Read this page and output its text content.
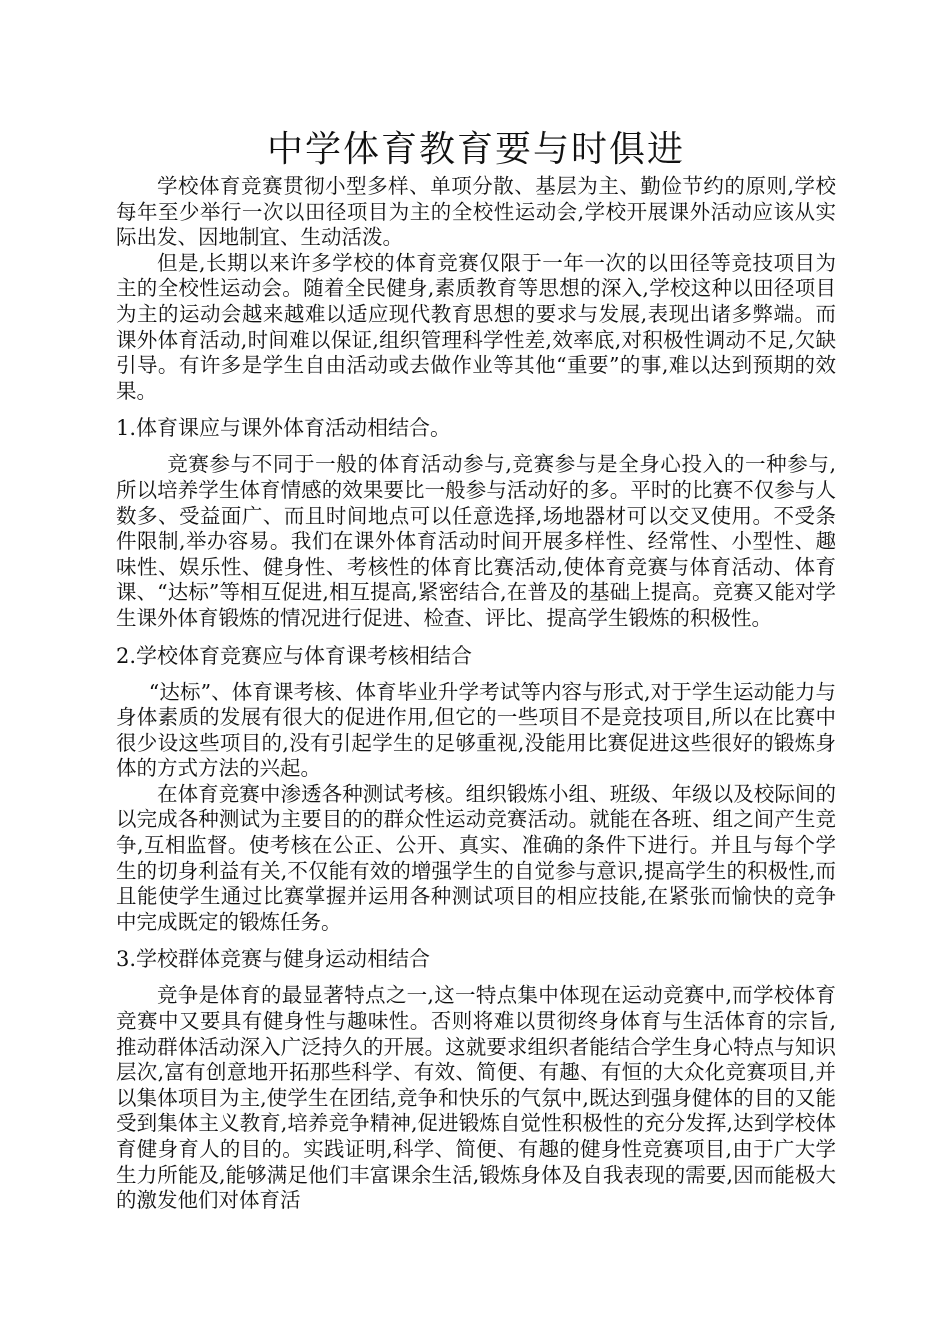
中学体育教育要与时俱进

学校体育竞赛贯彻小型多样、单项分散、基层为主、勤俭节约的原则,学校每年至少举行一次以田径项目为主的全校性运动会,学校开展课外活动应该从实际出发、因地制宜、生动活泼。

但是,长期以来许多学校的体育竞赛仅限于一年一次的以田径等竞技项目为主的全校性运动会。随着全民健身,素质教育等思想的深入,学校这种以田径项目为主的运动会越来越难以适应现代教育思想的要求与发展,表现出诸多弊端。而课外体育活动,时间难以保证,组织管理科学性差,效率底,对积极性调动不足,欠缺引导。有许多是学生自由活动或去做作业等其他“重要”的事,难以达到预期的效果。

1.体育课应与课外体育活动相结合。

竞赛参与不同于一般的体育活动参与,竞赛参与是全身心投入的一种参与,所以培养学生体育情感的效果要比一般参与活动好的多。平时的比赛不仅参与人数多、受益面广、而且时间地点可以任意选择,场地器材可以交叉使用。不受条件限制,举办容易。我们在课外体育活动时间开展多样性、经常性、小型性、趣味性、娱乐性、健身性、考核性的体育比赛活动,使体育竞赛与体育活动、体育课、“达标”等相互促进,相互提高,紧密结合,在普及的基础上提高。竞赛又能对学生课外体育锻炼的情况进行促进、检查、评比、提高学生锻炼的积极性。

2.学校体育竞赛应与体育课考核相结合

“达标”、体育课考核、体育毕业升学考试等内容与形式,对于学生运动能力与身体素质的发展有很大的促进作用,但它的一些项目不是竞技项目,所以在比赛中很少设这些项目的,没有引起学生的足够重视,没能用比赛促进这些很好的锻炼身体的方式方法的兴起。

在体育竞赛中渗透各种测试考核。组织锻炼小组、班级、年级以及校际间的以完成各种测试为主要目的的群众性运动竞赛活动。就能在各班、组之间产生竞争,互相监督。使考核在公正、公开、真实、准确的条件下进行。并且与每个学生的切身利益有关,不仅能有效的增强学生的自觉参与意识,提高学生的积极性,而且能使学生通过比赛掌握并运用各种测试项目的相应技能,在紧张而愉快的竞争中完成既定的锻炼任务。

3.学校群体竞赛与健身运动相结合

竞争是体育的最显著特点之一,这一特点集中体现在运动竞赛中,而学校体育竞赛中又要具有健身性与趣味性。否则将难以贯彻终身体育与生活体育的宗旨,推动群体活动深入广泛持久的开展。这就要求组织者能结合学生身心特点与知识层次,富有创意地开拓那些科学、有效、简便、有趣、有恒的大众化竞赛项目,并以集体项目为主,使学生在团结,竞争和快乐的气氛中,既达到强身健体的目的又能受到集体主义教育,培养竞争精神,促进锻炼自觉性积极性的充分发挥,达到学校体育健身育人的目的。实践证明,科学、简便、有趣的健身性竞赛项目,由于广大学生力所能及,能够满足他们丰富课余生活,锻炼身体及自我表现的需要,因而能极大的激发他们对体育活
